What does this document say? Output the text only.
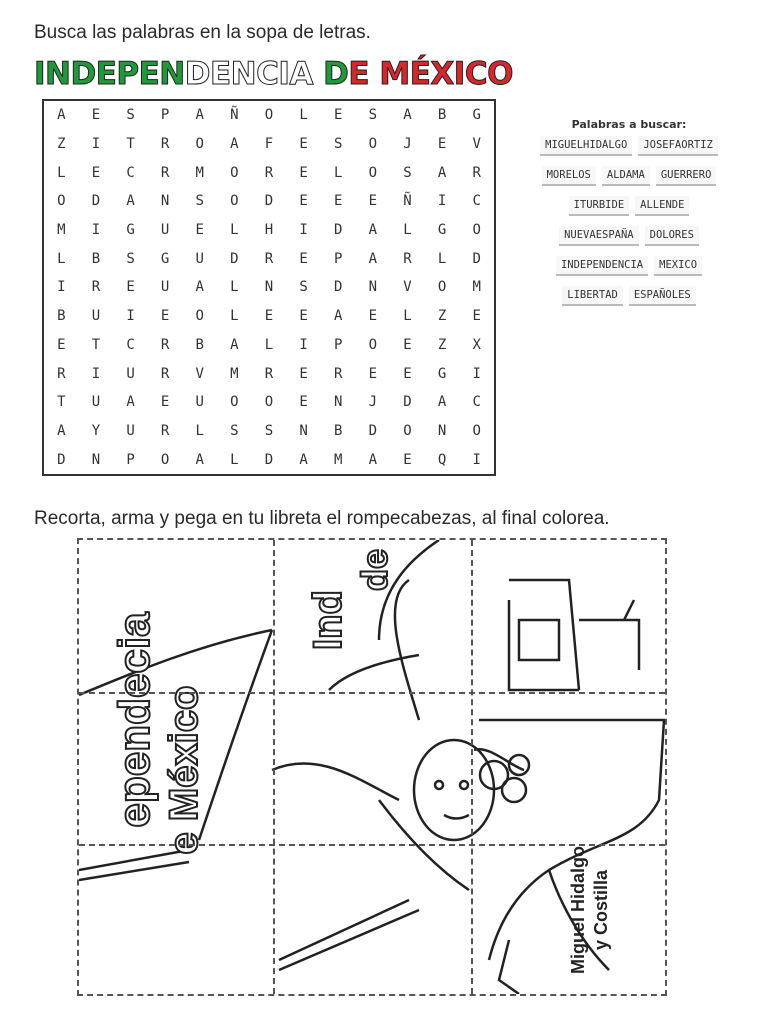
Busca las palabras en la sopa de letras.
INDEPENDENCIA DE MÉXICO
A	E	S	P	A	Ñ	O	L	E	S	A	B	G
Z	I	T	R	O	A	F	E	S	O	J	E	V
L	E	C	R	M	O	R	E	L	O	S	A	R
O	D	A	N	S	O	D	E	E	E	Ñ	I	C
M	I	G	U	E	L	H	I	D	A	L	G	O
L	B	S	G	U	D	R	E	P	A	R	L	D
I	R	E	U	A	L	N	S	D	N	V	O	M
B	U	I	E	O	L	E	E	A	E	L	Z	E
E	T	C	R	B	A	L	I	P	O	E	Z	X
R	I	U	R	V	M	R	E	R	E	E	G	I
T	U	A	E	U	O	O	E	N	J	D	A	C
A	Y	U	R	L	S	S	N	B	D	O	N	O
D	N	P	O	A	L	D	A	M	A	E	Q	I
Palabras a buscar:
MIGUELHIDALGO	JOSEFAORTIZ
MORELOS	ALDAMA	GUERRERO
ITURBIDE	ALLENDE
NUEVAESPAÑA	DOLORES
INDEPENDENCIA	MEXICO
LIBERTAD	ESPAÑOLES
Recorta, arma y pega en tu libreta el rompecabezas, al final colorea.
ependecia e México
Ind
de
Miguel Hidalgo y Costilla
